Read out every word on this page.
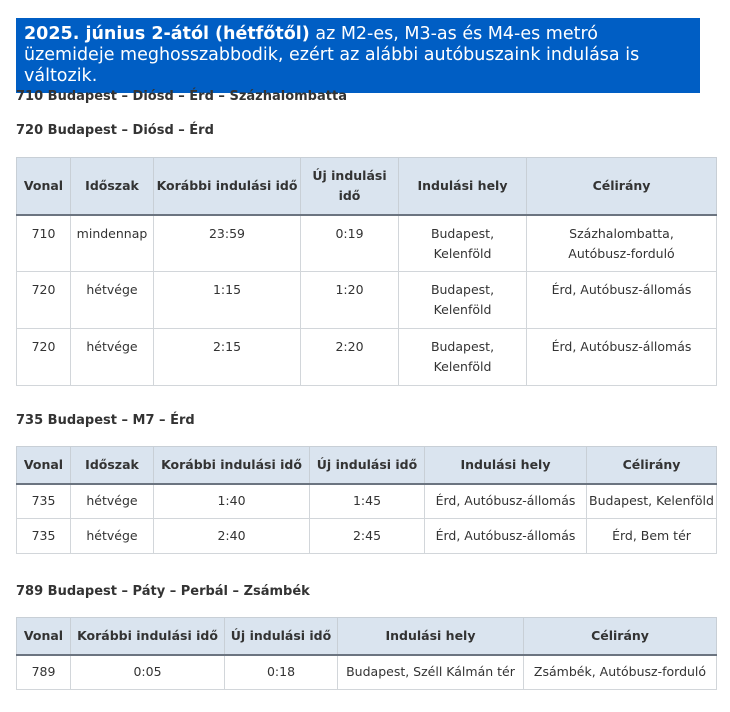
2025. június 2-ától (hétfőtől) az M2-es, M3-as és M4-es metró üzemideje meghosszabbodik, ezért az alábbi autóbuszaink indulása is változik.
710 Budapest – Diósd – Érd – Százhalombatta
720 Budapest – Diósd – Érd
Vonal	Időszak	Korábbi indulási idő	Új indulási idő	Indulási hely	Célirány
710	mindennap	23:59	0:19	Budapest, Kelenföld	Százhalombatta, Autóbusz-forduló
720	hétvége	1:15	1:20	Budapest, Kelenföld	Érd, Autóbusz-állomás
720	hétvége	2:15	2:20	Budapest, Kelenföld	Érd, Autóbusz-állomás
735 Budapest – M7 – Érd
Vonal	Időszak	Korábbi indulási idő	Új indulási idő	Indulási hely	Célirány
735	hétvége	1:40	1:45	Érd, Autóbusz-állomás	Budapest, Kelenföld
735	hétvége	2:40	2:45	Érd, Autóbusz-állomás	Érd, Bem tér
789 Budapest – Páty – Perbál – Zsámbék
Vonal	Korábbi indulási idő	Új indulási idő	Indulási hely	Célirány
789	0:05	0:18	Budapest, Széll Kálmán tér	Zsámbék, Autóbusz-forduló
